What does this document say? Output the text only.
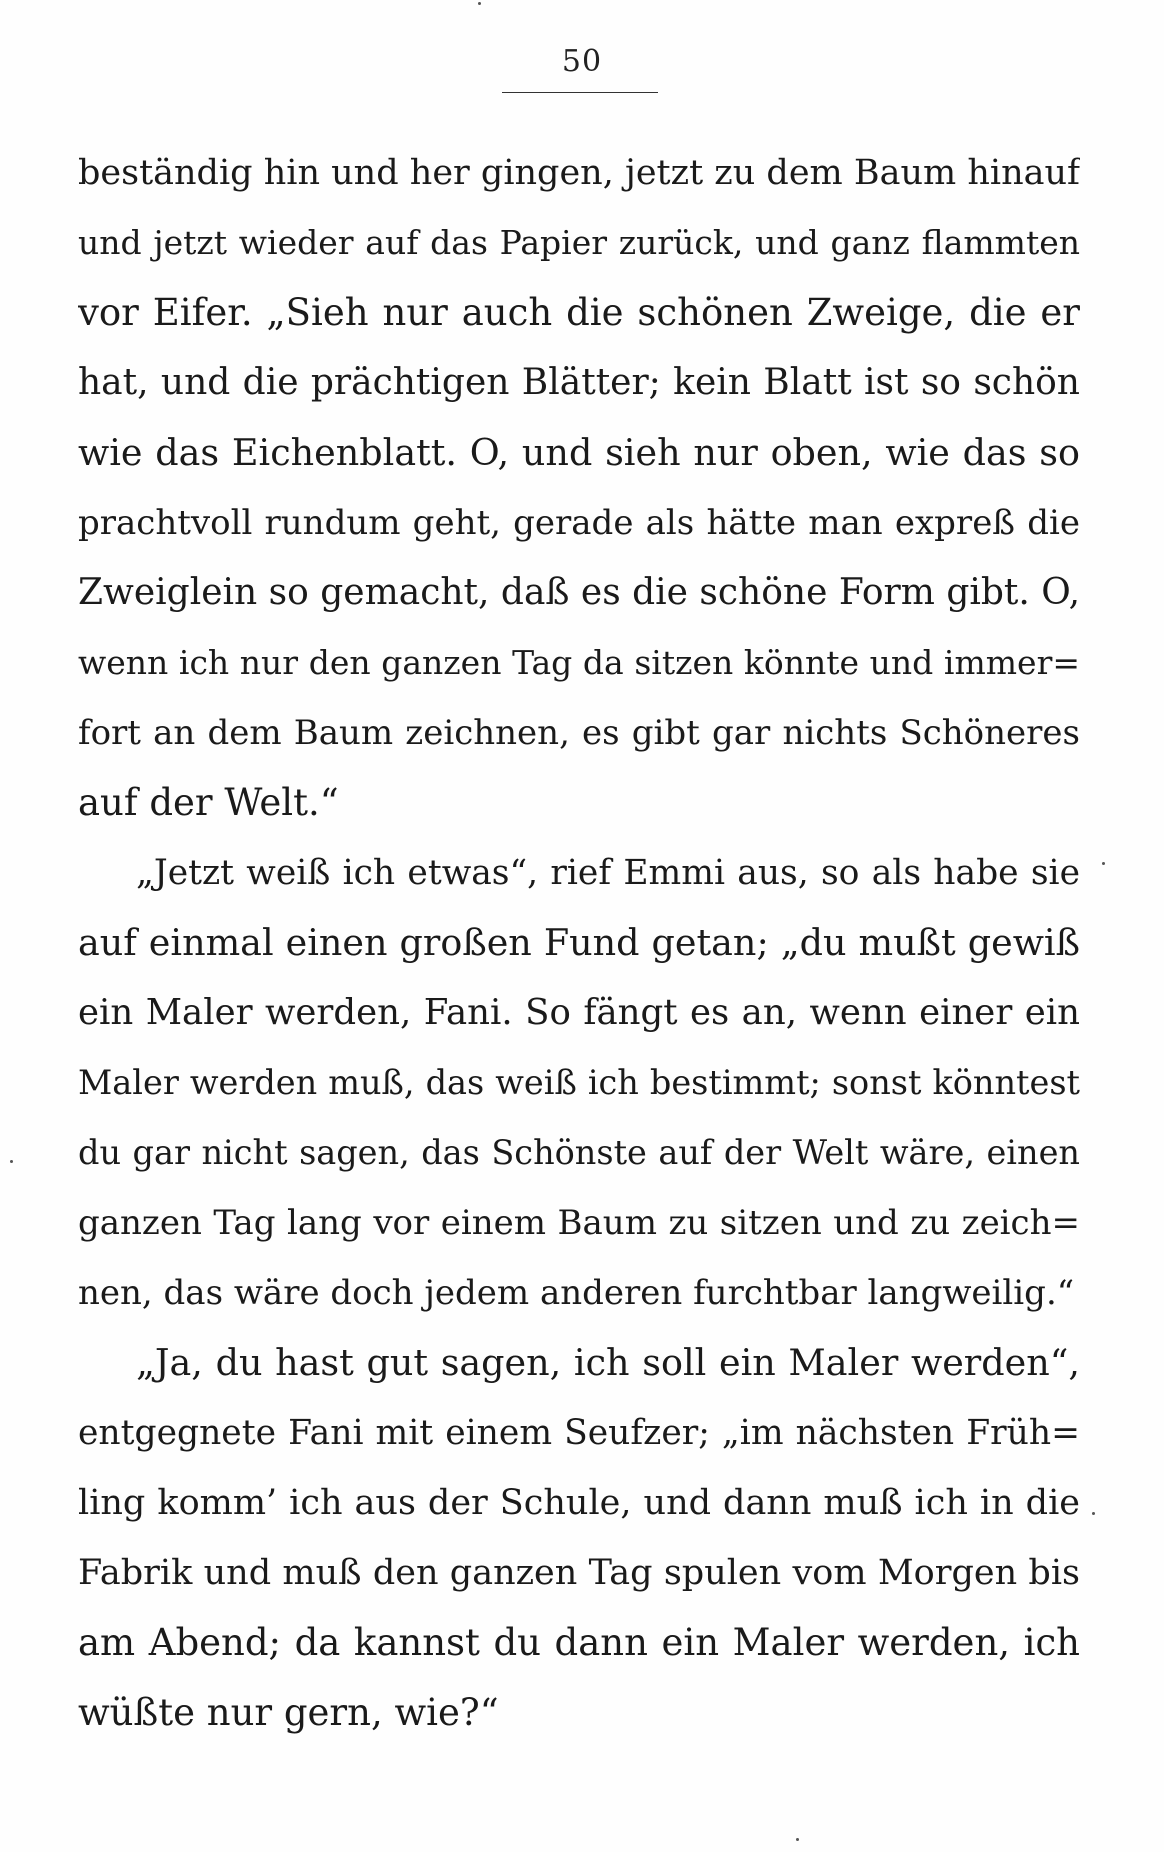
50
beständig hin und her gingen, jetzt zu dem Baum hinauf
und jetzt wieder auf das Papier zurück, und ganz flammten
vor Eifer. „Sieh nur auch die schönen Zweige, die er
hat, und die prächtigen Blätter; kein Blatt ist so schön
wie das Eichenblatt. O, und sieh nur oben, wie das so
prachtvoll rundum geht, gerade als hätte man expreß die
Zweiglein so gemacht, daß es die schöne Form gibt. O,
wenn ich nur den ganzen Tag da sitzen könnte und immer=
fort an dem Baum zeichnen, es gibt gar nichts Schöneres
auf der Welt.“
„Jetzt weiß ich etwas“, rief Emmi aus, so als habe sie
auf einmal einen großen Fund getan; „du mußt gewiß
ein Maler werden, Fani. So fängt es an, wenn einer ein
Maler werden muß, das weiß ich bestimmt; sonst könntest
du gar nicht sagen, das Schönste auf der Welt wäre, einen
ganzen Tag lang vor einem Baum zu sitzen und zu zeich=
nen, das wäre doch jedem anderen furchtbar langweilig.“
„Ja, du hast gut sagen, ich soll ein Maler werden“,
entgegnete Fani mit einem Seufzer; „im nächsten Früh=
ling komm’ ich aus der Schule, und dann muß ich in die
Fabrik und muß den ganzen Tag spulen vom Morgen bis
am Abend; da kannst du dann ein Maler werden, ich
wüßte nur gern, wie?“
